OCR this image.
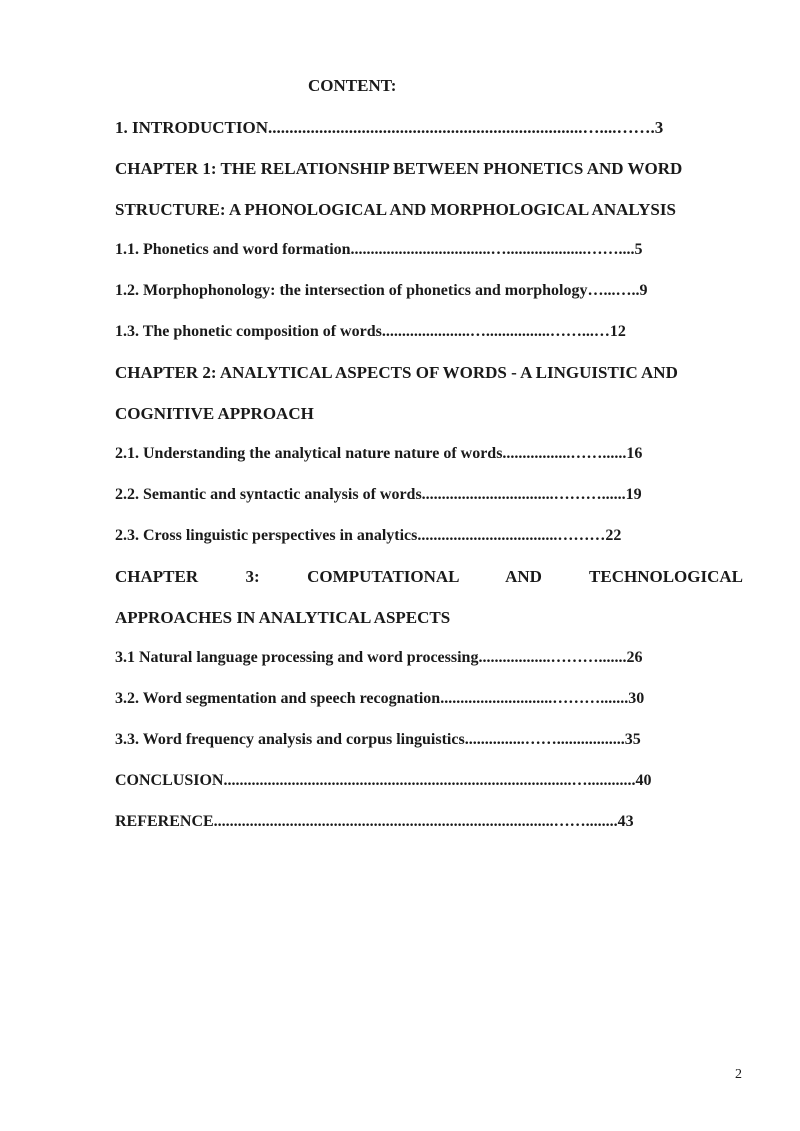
CONTENT:
1. INTRODUCTION..........................................................................…....…….3
CHAPTER 1: THE RELATIONSHIP BETWEEN PHONETICS AND WORD
STRUCTURE: A PHONOLOGICAL AND MORPHOLOGICAL ANALYSIS
1.1. Phonetics and word formation...................................…....................……....5
1.2. Morphophonology: the intersection of phonetics and morphology…...…..9
1.3. The phonetic composition of words......................…................……...…12
CHAPTER 2: ANALYTICAL ASPECTS OF WORDS - A LINGUISTIC AND
COGNITIVE APPROACH
2.1. Understanding the analytical nature nature of words.................……......16
2.2. Semantic and syntactic analysis of words.................................………......19
2.3. Cross linguistic perspectives in analytics...................................………22
CHAPTER 3: COMPUTATIONAL AND TECHNOLOGICAL
APPROACHES IN ANALYTICAL ASPECTS
3.1 Natural language processing and word processing..................……….......26
3.2. Word segmentation and speech recognation............................……….......30
3.3. Word frequency analysis and corpus linguistics...............…….................35
CONCLUSION.......................................................................................…............40
REFERENCE.....................................................................................……........43
2
